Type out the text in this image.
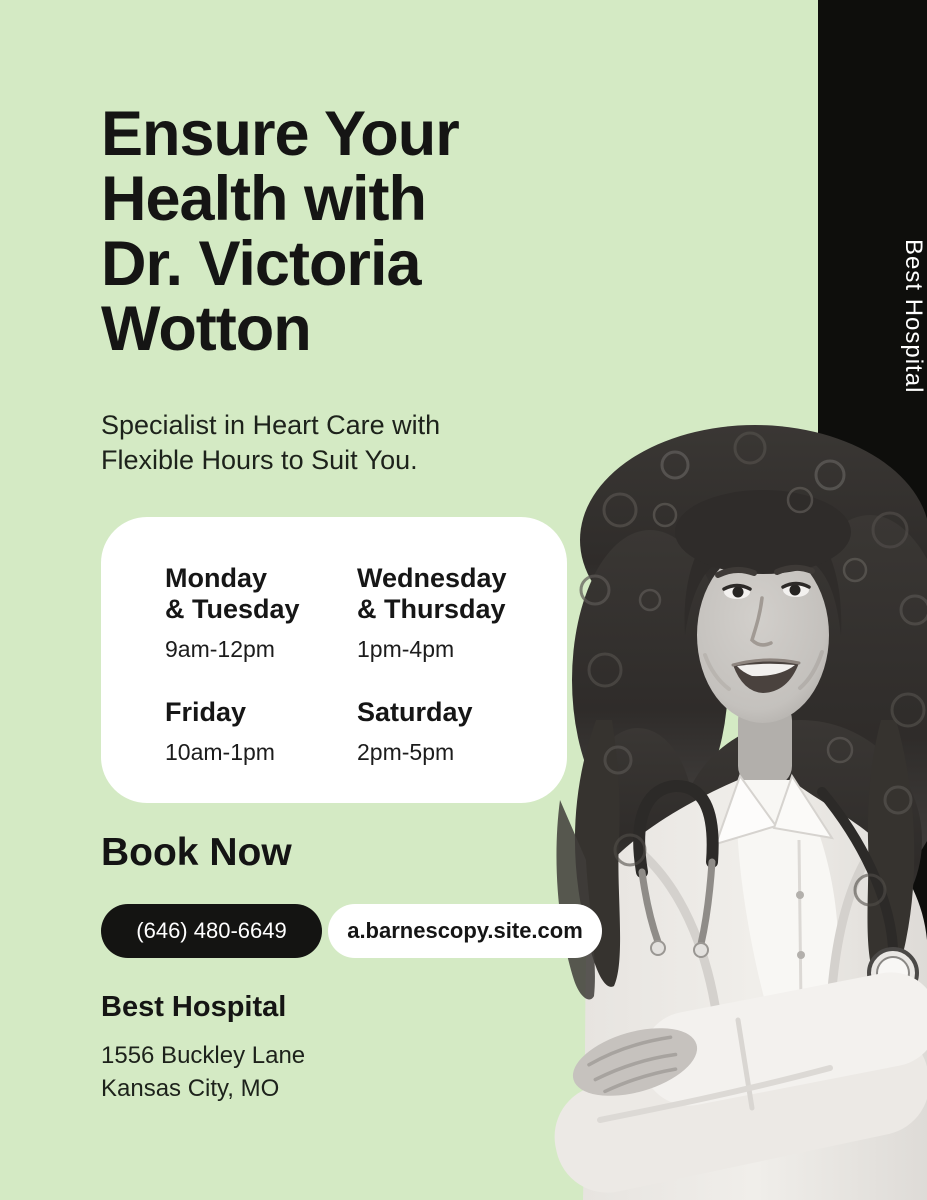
Best Hospital
Ensure Your
Health with
Dr. Victoria
Wotton
Specialist in Heart Care with
Flexible Hours to Suit You.
Monday
& Tuesday
9am-12pm
Wednesday
& Thursday
1pm-4pm
Friday
10am-1pm
Saturday
2pm-5pm
Book Now
(646) 480-6649	a.barnescopy.site.com
Best Hospital
1556 Buckley Lane
Kansas City, MO
